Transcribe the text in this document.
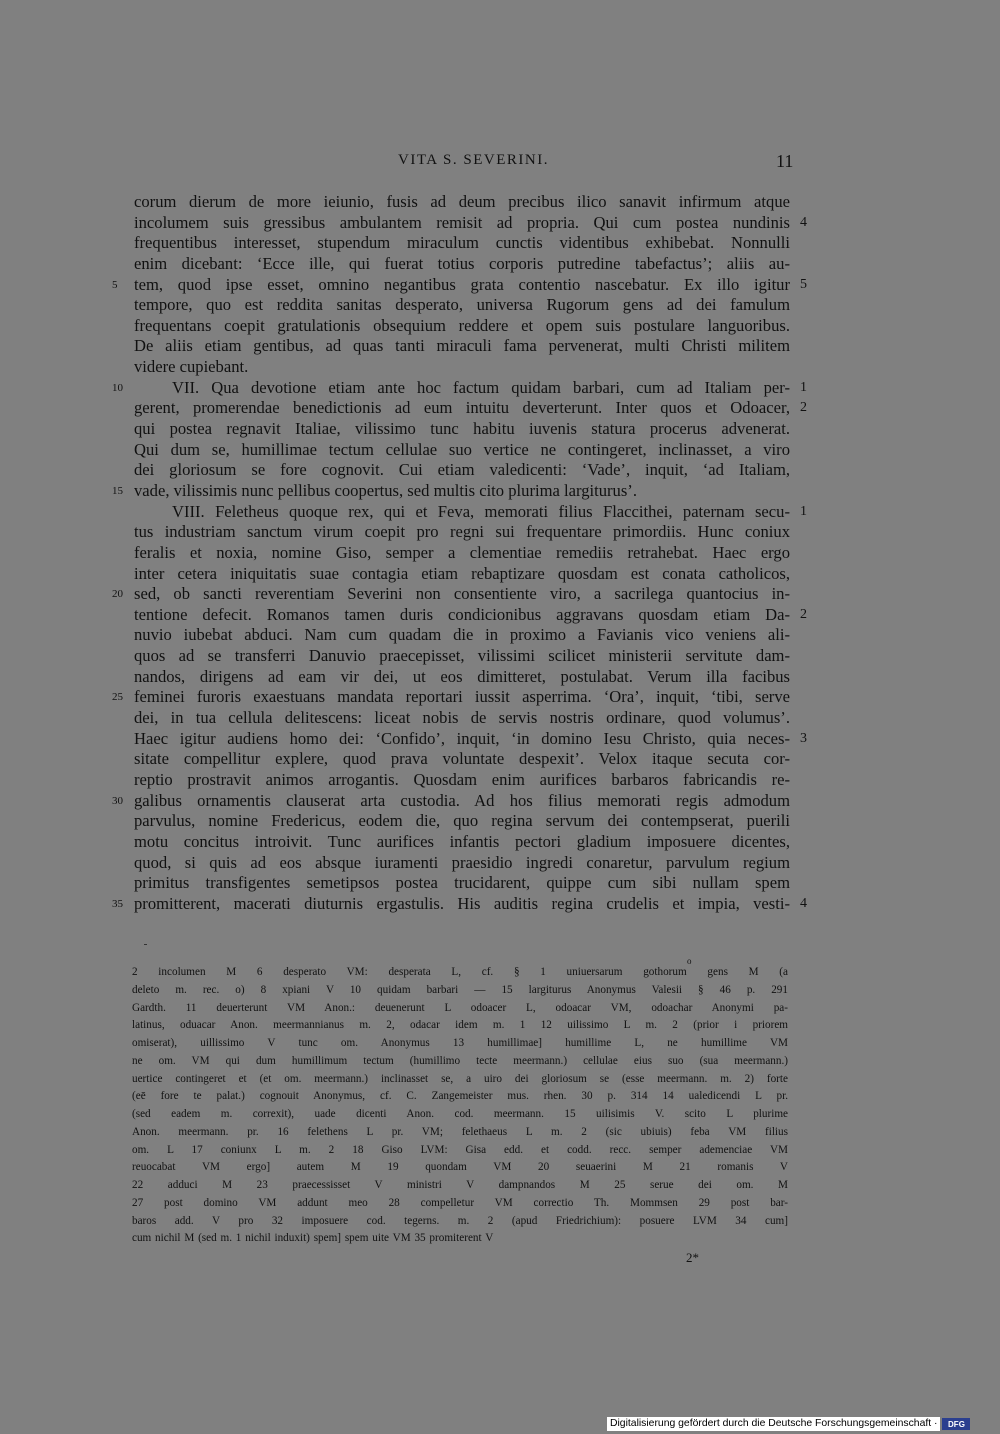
VITA S. SEVERINI.	11
corum dierum de more ieiunio, fusis ad deum precibus ilico sanavit infirmum atque
incolumem suis gressibus ambulantem remisit ad propria. Qui cum postea nundinis 4
frequentibus interesset, stupendum miraculum cunctis videntibus exhibebat. Nonnulli
enim dicebant: ‘Ecce ille, qui fuerat totius corporis putredine tabefactus’; aliis au-
tem, quod ipse esset, omnino negantibus grata contentio nascebatur. Ex illo igitur
5	5
tempore, quo est reddita sanitas desperato, universa Rugorum gens ad dei famulum
frequentans coepit gratulationis obsequium reddere et opem suis postulare languoribus.
De aliis etiam gentibus, ad quas tanti miraculi fama pervenerat, multi Christi militem
videre cupiebant.
VII. Qua devotione etiam ante hoc factum quidam barbari, cum ad Italiam per-
10	1
gerent, promerendae benedictionis ad eum intuitu deverterunt. Inter quos et Odoacer, 2
qui postea regnavit Italiae, vilissimo tunc habitu iuvenis statura procerus advenerat.
Qui dum se, humillimae tectum cellulae suo vertice ne contingeret, inclinasset, a viro
dei gloriosum se fore cognovit. Cui etiam valedicenti: ‘Vade’, inquit, ‘ad Italiam,
vade, vilissimis nunc pellibus coopertus, sed multis cito plurima largiturus’.
15
VIII. Feletheus quoque rex, qui et Feva, memorati filius Flaccithei, paternam secu- 1
tus industriam sanctum virum coepit pro regni sui frequentare primordiis. Hunc coniux
feralis et noxia, nomine Giso, semper a clementiae remediis retrahebat. Haec ergo
inter cetera iniquitatis suae contagia etiam rebaptizare quosdam est conata catholicos,
sed, ob sancti reverentiam Severini non consentiente viro, a sacrilega quantocius in-
20
tentione defecit. Romanos tamen duris condicionibus aggravans quosdam etiam Da- 2
nuvio iubebat abduci. Nam cum quadam die in proximo a Favianis vico veniens ali-
quos ad se transferri Danuvio praecepisset, vilissimi scilicet ministerii servitute dam-
nandos, dirigens ad eam vir dei, ut eos dimitteret, postulabat. Verum illa facibus
feminei furoris exaestuans mandata reportari iussit asperrima. ‘Ora’, inquit, ‘tibi, serve
25
dei, in tua cellula delitescens: liceat nobis de servis nostris ordinare, quod volumus’.
Haec igitur audiens homo dei: ‘Confido’, inquit, ‘in domino Iesu Christo, quia neces- 3
sitate compellitur explere, quod prava voluntate despexit’. Velox itaque secuta cor-
reptio prostravit animos arrogantis. Quosdam enim aurifices barbaros fabricandis re-
galibus ornamentis clauserat arta custodia. Ad hos filius memorati regis admodum
30
parvulus, nomine Fredericus, eodem die, quo regina servum dei contempserat, puerili
motu concitus introivit. Tunc aurifices infantis pectori gladium imposuere dicentes,
quod, si quis ad eos absque iuramenti praesidio ingredi conaretur, parvulum regium
primitus transfigentes semetipsos postea trucidarent, quippe cum sibi nullam spem
promitterent, macerati diuturnis ergastulis. His auditis regina crudelis et impia, vesti-
35	4
o
2 incolumen M 6 desperato VM: desperata L, cf. § 1 uniuersarum gothorum gens M (a
deleto m. rec. o) 8 xpiani V 10 quidam barbari — 15 largiturus Anonymus Valesii § 46 p. 291
Gardth. 11 deuerterunt VM Anon.: deuenerunt L odoacer L, odoacar VM, odoachar Anonymi pa-
latinus, oduacar Anon. meermannianus m. 2, odacar idem m. 1 12 uilissimo L m. 2 (prior i priorem
omiserat), uillissimo V tunc om. Anonymus 13 humillimae] humillime L, ne humillime VM
ne om. VM qui dum humillimum tectum (humillimo tecte meermann.) cellulae eius suo (sua meermann.)
uertice contingeret et (et om. meermann.) inclinasset se, a uiro dei gloriosum se (esse meermann. m. 2) forte
(eē fore te palat.) cognouit Anonymus, cf. C. Zangemeister mus. rhen. 30 p. 314 14 ualedicendi L pr.
(sed eadem m. correxit), uade dicenti Anon. cod. meermann. 15 uilisimis V. scito L plurime
Anon. meermann. pr. 16 felethens L pr. VM; felethaeus L m. 2 (sic ubiuis) feba VM filius
om. L 17 coniunx L m. 2 18 Giso LVM: Gisa edd. et codd. recc. semper ademenciae VM
reuocabat VM ergo] autem M 19 quondam VM 20 seuaerini M 21 romanis V
22 adduci M 23 praecessisset V ministri V dampnandos M 25 serue dei om. M
27 post domino VM addunt meo 28 compelletur VM correctio Th. Mommsen 29 post bar-
baros add. V pro 32 imposuere cod. tegerns. m. 2 (apud Friedrichium): posuere LVM 34 cum]
cum nichil M (sed m. 1 nichil induxit) spem] spem uite VM 35 promiterent V
2*
Digitalisierung gefördert durch die Deutsche Forschungsgemeinschaft ·	DFG
